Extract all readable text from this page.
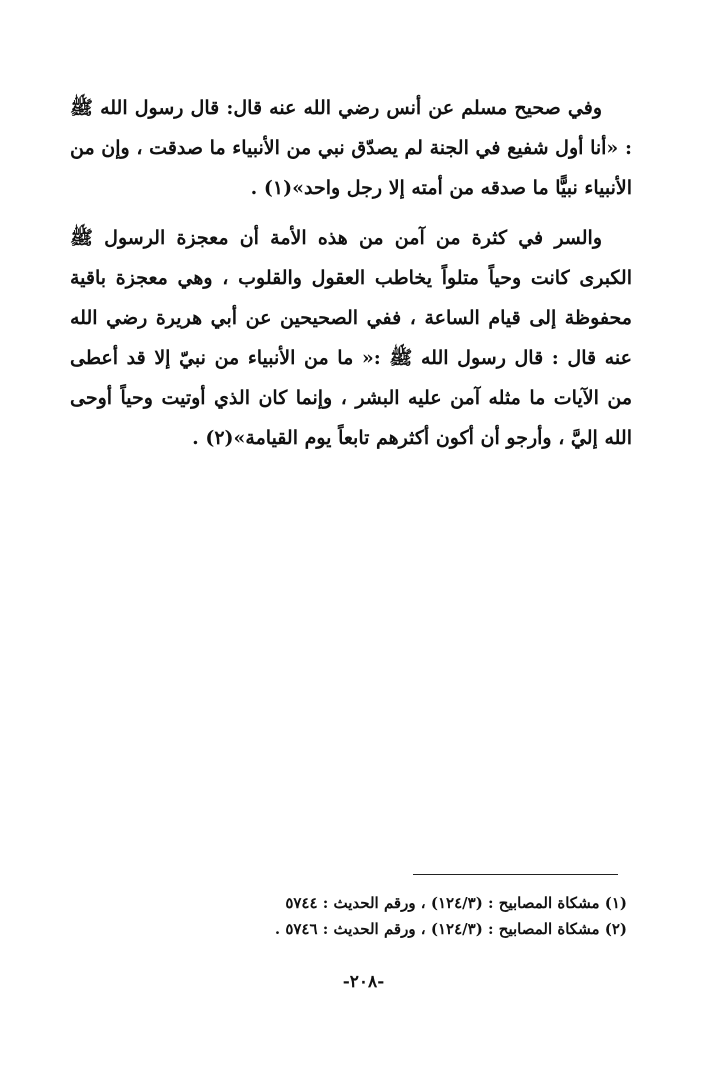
وفي صحيح مسلم عن أنس رضي الله عنه قال: قال رسول الله ﷺ : «أنا أول شفيع في الجنة لم يصدّق نبي من الأنبياء ما صدقت ، وإن من الأنبياء نبيًّا ما صدقه من أمته إلا رجل واحد»(١) .

والسر في كثرة من آمن من هذه الأمة أن معجزة الرسول ﷺ الكبرى كانت وحياً متلواً يخاطب العقول والقلوب ، وهي معجزة باقية محفوظة إلى قيام الساعة ، ففي الصحيحين عن أبي هريرة رضي الله عنه قال : قال رسول الله ﷺ :« ما من الأنبياء من نبيّ إلا قد أعطى من الآيات ما مثله آمن عليه البشر ، وإنما كان الذي أوتيت وحياً أوحى الله إليَّ ، وأرجو أن أكون أكثرهم تابعاً يوم القيامة»(٢) .

(١) مشكاة المصابيح : (١٢٤/٣) ، ورقم الحديث : ٥٧٤٤

(٢) مشكاة المصابيح : (١٢٤/٣) ، ورقم الحديث : ٥٧٤٦ .

-٢٠٨-
